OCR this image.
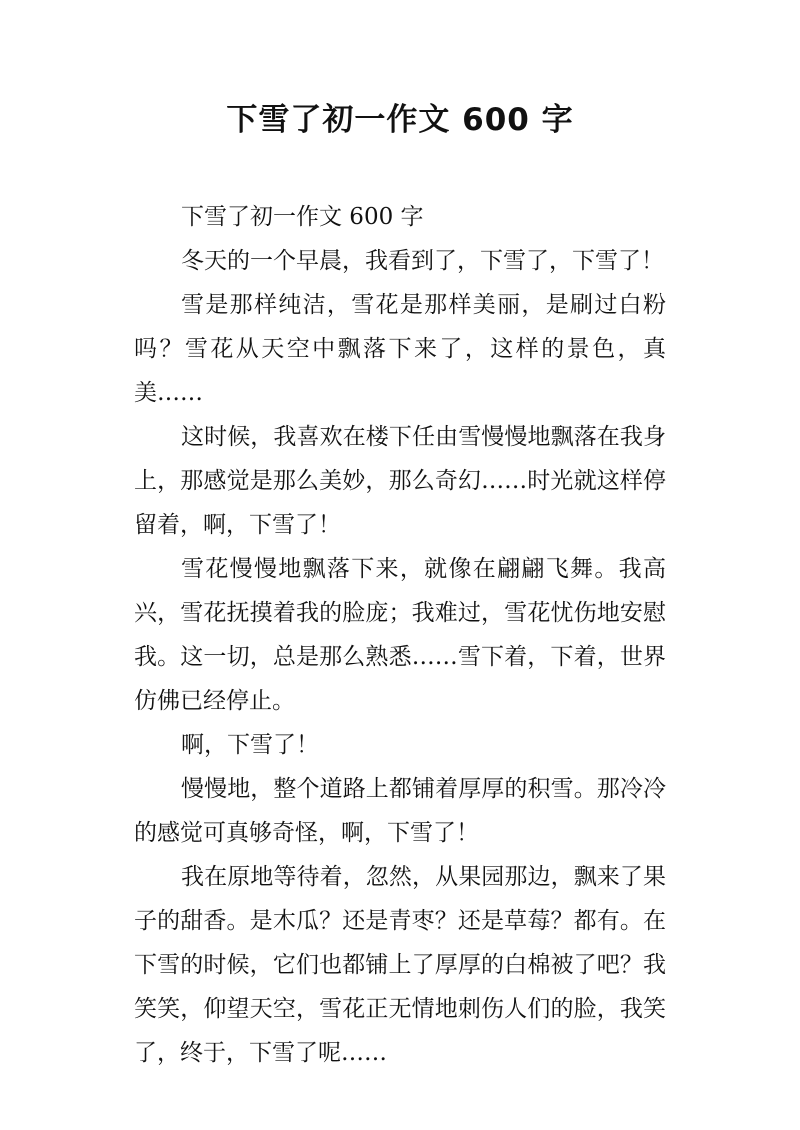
下雪了初一作文 600 字

下雪了初一作文 600 字

冬天的一个早晨，我看到了，下雪了，下雪了！

雪是那样纯洁，雪花是那样美丽，是刷过白粉吗？雪花从天空中飘落下来了，这样的景色，真美……

这时候，我喜欢在楼下任由雪慢慢地飘落在我身上，那感觉是那么美妙，那么奇幻……时光就这样停留着，啊，下雪了！

雪花慢慢地飘落下来，就像在翩翩飞舞。我高兴，雪花抚摸着我的脸庞；我难过，雪花忧伤地安慰我。这一切，总是那么熟悉……雪下着，下着，世界仿佛已经停止。

啊，下雪了！

慢慢地，整个道路上都铺着厚厚的积雪。那冷冷的感觉可真够奇怪，啊，下雪了！

我在原地等待着，忽然，从果园那边，飘来了果子的甜香。是木瓜？还是青枣？还是草莓？都有。在下雪的时候，它们也都铺上了厚厚的白棉被了吧？我笑笑，仰望天空，雪花正无情地刺伤人们的脸，我笑了，终于，下雪了呢……
